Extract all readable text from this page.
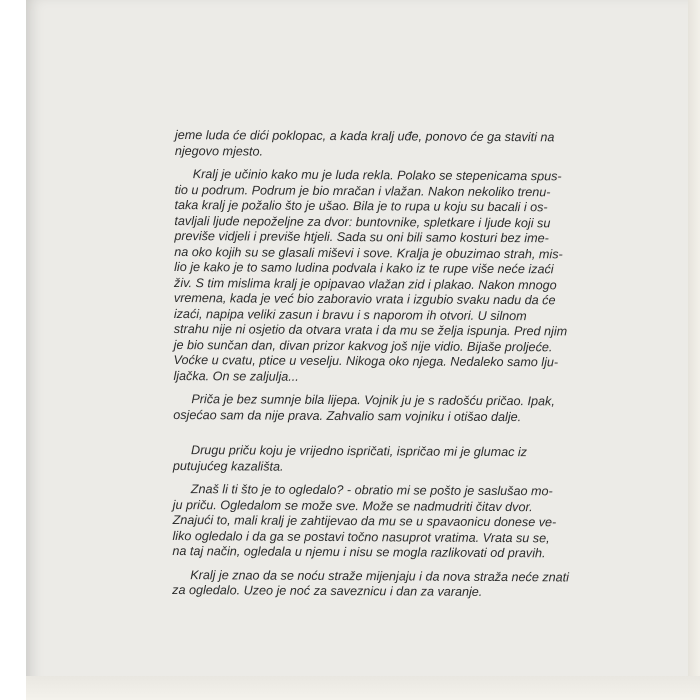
jeme luda će dići poklopac, a kada kralj uđe, ponovo će ga staviti na
njegovo mjesto.
Kralj je učinio kako mu je luda rekla. Polako se stepenicama spus-
tio u podrum. Podrum je bio mračan i vlažan. Nakon nekoliko trenu-
taka kralj je požalio što je ušao. Bila je to rupa u koju su bacali i os-
tavljali ljude nepoželjne za dvor: buntovnike, spletkare i ljude koji su
previše vidjeli i previše htjeli. Sada su oni bili samo kosturi bez ime-
na oko kojih su se glasali miševi i sove. Kralja je obuzimao strah, mis-
lio je kako je to samo ludina podvala i kako iz te rupe više neće izaći
živ. S tim mislima kralj je opipavao vlažan zid i plakao. Nakon mnogo
vremena, kada je već bio zaboravio vrata i izgubio svaku nadu da će
izaći, napipa veliki zasun i bravu i s naporom ih otvori. U silnom
strahu nije ni osjetio da otvara vrata i da mu se želja ispunja. Pred njim
je bio sunčan dan, divan prizor kakvog još nije vidio. Bijaše proljeće.
Voćke u cvatu, ptice u veselju. Nikoga oko njega. Nedaleko samo lju-
ljačka. On se zaljulja...
Priča je bez sumnje bila lijepa. Vojnik ju je s radošću pričao. Ipak,
osjećao sam da nije prava. Zahvalio sam vojniku i otišao dalje.
Drugu priču koju je vrijedno ispričati, ispričao mi je glumac iz
putujućeg kazališta.
Znaš li ti što je to ogledalo? - obratio mi se pošto je saslušao mo-
ju priču. Ogledalom se može sve. Može se nadmudriti čitav dvor.
Znajući to, mali kralj je zahtijevao da mu se u spavaonicu donese ve-
liko ogledalo i da ga se postavi točno nasuprot vratima. Vrata su se,
na taj način, ogledala u njemu i nisu se mogla razlikovati od pravih.
Kralj je znao da se noću straže mijenjaju i da nova straža neće znati
za ogledalo. Uzeo je noć za saveznicu i dan za varanje.
